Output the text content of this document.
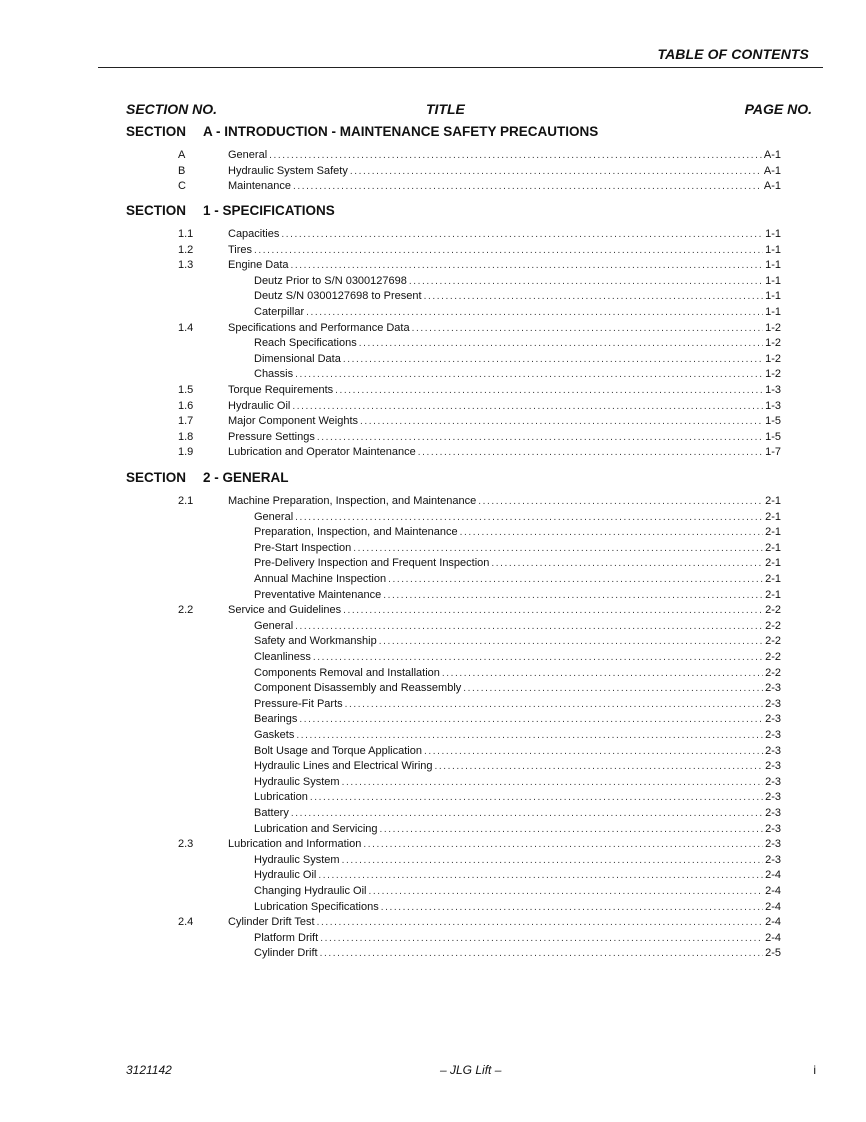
TABLE OF CONTENTS
SECTION NO.	TITLE	PAGE NO.
SECTION A - INTRODUCTION - MAINTENANCE SAFETY PRECAUTIONS
A	General .....	A-1
B	Hydraulic System Safety .....	A-1
C	Maintenance .....	A-1
SECTION 1 - SPECIFICATIONS
1.1	Capacities .....	1-1
1.2	Tires .....	1-1
1.3	Engine Data .....	1-1
Deutz Prior to S/N 0300127698 .....	1-1
Deutz S/N 0300127698 to Present .....	1-1
Caterpillar .....	1-1
1.4	Specifications and Performance Data .....	1-2
Reach Specifications .....	1-2
Dimensional Data .....	1-2
Chassis .....	1-2
1.5	Torque Requirements .....	1-3
1.6	Hydraulic Oil .....	1-3
1.7	Major Component Weights .....	1-5
1.8	Pressure Settings .....	1-5
1.9	Lubrication and Operator Maintenance .....	1-7
SECTION 2 - GENERAL
2.1	Machine Preparation, Inspection, and Maintenance .....	2-1
General .....	2-1
Preparation, Inspection, and Maintenance .....	2-1
Pre-Start Inspection .....	2-1
Pre-Delivery Inspection and Frequent Inspection .....	2-1
Annual Machine Inspection .....	2-1
Preventative Maintenance .....	2-1
2.2	Service and Guidelines .....	2-2
General .....	2-2
Safety and Workmanship .....	2-2
Cleanliness .....	2-2
Components Removal and Installation .....	2-2
Component Disassembly and Reassembly .....	2-3
Pressure-Fit Parts .....	2-3
Bearings .....	2-3
Gaskets .....	2-3
Bolt Usage and Torque Application .....	2-3
Hydraulic Lines and Electrical Wiring .....	2-3
Hydraulic System .....	2-3
Lubrication .....	2-3
Battery .....	2-3
Lubrication and Servicing .....	2-3
2.3	Lubrication and Information .....	2-3
Hydraulic System .....	2-3
Hydraulic Oil .....	2-4
Changing Hydraulic Oil .....	2-4
Lubrication Specifications .....	2-4
2.4	Cylinder Drift Test .....	2-4
Platform Drift .....	2-4
Cylinder Drift .....	2-5
3121142	– JLG Lift –	i
